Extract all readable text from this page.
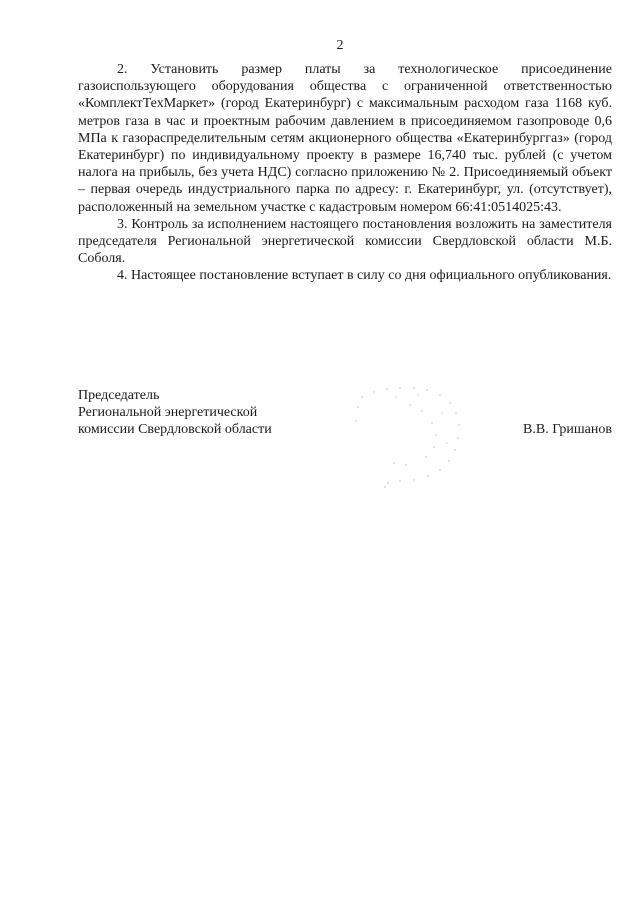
2

2. Установить размер платы за технологическое присоединение газоиспользующего оборудования общества с ограниченной ответственностью «КомплектТехМаркет» (город Екатеринбург) с максимальным расходом газа 1168 куб. метров газа в час и проектным рабочим давлением в присоединяемом газопроводе 0,6 МПа к газораспределительным сетям акционерного общества «Екатеринбурггаз» (город Екатеринбург) по индивидуальному проекту в размере 16,740 тыс. рублей (с учетом налога на прибыль, без учета НДС) согласно приложению № 2. Присоединяемый объект – первая очередь индустриального парка по адресу: г. Екатеринбург, ул. (отсутствует), расположенный на земельном участке с кадастровым номером 66:41:0514025:43.

3. Контроль за исполнением настоящего постановления возложить на заместителя председателя Региональной энергетической комиссии Свердловской области М.Б. Соболя.

4. Настоящее постановление вступает в силу со дня официального опубликования.

Председатель
Региональной энергетической
комиссии Свердловской области	В.В. Гришанов
